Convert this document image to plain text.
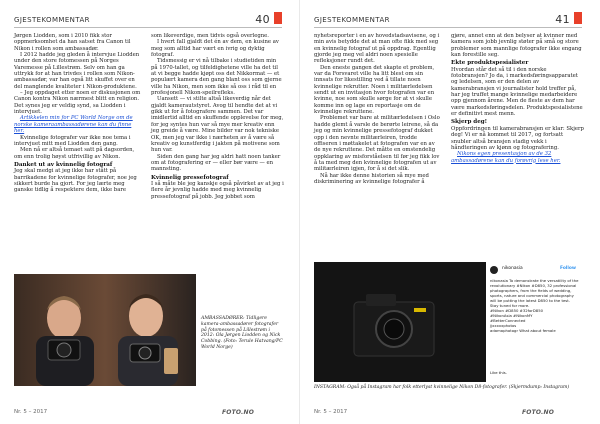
GJESTEKOMMENTAR	40

Jørgen Liodden, som i 2010 fikk stor oppmerksomhet da han satset fra Canon til Nikon i rollen som ambassadør.

I 2012 hadde jeg gleden å intervjue Liodden under den store fotomessen på Norges Varemesse på Lillestrøm. Selv om han ga uttrykk for at han trivdes i rollen som Nikon-ambassadør, var han også litt skuffet over en del manglende kvaliteter i Nikon-produktene.

– Jeg oppdaget etter noen er diskusjonen om Canon kontra Nikon nærmest blitt en religion. Det synes jeg er veldig synd, sa Liodden i intervjuet.

Artikkelen min for PC World Norge om de norske kameraambassadørene kan du finne her.

Kvinnelige fotografer var ikke noe tema i intervjuet mitt med Liodden den gang.

Men nå er altså temaet satt på dagsorden, om enn trolig høyst utfrivillig av Nikon.

Danket ut av kvinnelig fotograf

Jeg skal medgi at jeg ikke har stått på barrikadene for kvinnelige fotografer, noe jeg sikkert burde ha gjort. For jeg lærte meg ganske tidlig å respektere dem, ikke bare

som likeverdige, men tidvis også overlegne.

I hvert fall gjaldt det én av dem, en kusine av meg som alltid har vært en ivrig og dyktig fotograf.

Tidsmessig er vi nå tilbake i studietiden min på 1970-tallet, og tilfeldighetene ville ha det til at vi begge hadde kjøpt oss det Nikkormat — et populært kamera den gang blant oss som gjerne ville ha Nikon, men som ikke så oss i råd til en profesjonell Nikon-speilrefleks.

Uansett — vi stilte altså likeverdig når det gjaldt kamerautstyret. Avog til hendte det at vi gikk ut for å fotografere sammen. Det var imidlertid alltid en skuffende opplevelse for meg, for jeg syntes hun var så mye mer kreativ enn jeg greide å være. Mine bilder var nok tekniske OK, men jeg var ikke i nærheten av å være så kreativ og kunstferdig i jakten på motivene som hun var.

Siden den gang har jeg aldri hatt noen tanker om at fotografering er — eller bør være — en mannsting.

Kvinnelig pressefotograf

I så måte ble jeg kanskje også påvirket av at jeg i flere år jevnlig hadde med meg kvinnelig pressefotograf på jobb. Jeg jobbet som

AMBASSADØRER: Tidligere kamera-ambassadører fotografer på fotomessen på Lillestrøm i 2012: Ola Jørgen Liodden og Nick Cobbing. (Foto: Terule Hatvang/PC World Norge)
Nr. 5 – 2017	FOTO.NO
GJESTEKOMMENTAR	41

nyhetsreporter i en av hovedstadsavisene, og i min avis betydde det at man ofte fikk med seg en kvinnelig fotograf ut på oppdrag. Egentlig gjorde jeg meg vel aldri noen spesielle refleksjoner rundt det.

Den eneste gangen det skapte et problem, var da Forsvaret ville ha litt blest om sin innsats for likestilling ved å tillate noen kvinnelige rekrutter. Noen i militærledelsen sendt ut en invitasjon hvor fotografen var en kvinne, noe som skulle sørge for at vi skulle komme inn og lage en reportasje om de kvinnelige rekruttene.

Problemet var bare at militærledelsen i Oslo hadde glemt å varsle de berørte leirene, så da jeg og min kvinnelige pressefotograf dukket opp i den nevnte militærleiren, trodde offiseren i møttakelet at fotografen var en av de nye rekruttene. Det måtte en omstendelig oppklaring av misforståelsen til før jeg fikk lov å ta med meg den kvinnelige fotografen ut av militærleiren igjen, for å si det slik.

Nå har ikke denne historien så mye med diskriminering av kvinnelige fotografer å

gjøre, annet enn at den belyser at kvinner med kamera som jobb jevnlig støter på små og store problemer som mannlige fotografer ikke engang kan forestille seg.

Ekte produktspesialister

Hvordan står det så til i den norske fotobransjen? Jo da, i markedsføringsapparatet og ledelsen, som er den delen av kamerabransjen vi journalister hold treffer på, har jeg truffet mange kvinnelige medarbeidere opp gjennom årene. Men de fleste av dem har være markedsføringsdelen. Produktspesialistene er definitivt mest menn.

Skjerp deg!

Oppfordringen til kamerabransjen er klar: Skjerp deg! Vi er nå kommet til 2017, og fortsatt snubler altså bransjen stadig vekk i håndteringen av kjønn og fotografering.

Nikons egen presentasjon av de 32 ambassadørene kan du forøvrig lese her.

nikonasia	Follow
nikonasia To demonstrate the versatility of the
revolutionary #Nikon #D850, 32 professional
photographers, from the fields of wedding,
sports, nature and commercial photography
will be putting the latest D850 to the test.
Stay tuned for more.
#Nikon #D850 #32forD850
#NikonAsia #NikonMY
#BetterConnected
jjxxxxxphotos
adamaphotogr What about female
Like this.
INSTAGRAM: Også på Instagram har folk etterlyst kvinnelige Nikon D8-fotografer. (Skjermdump: Instagram)
Nr. 5 – 2017	FOTO.NO
